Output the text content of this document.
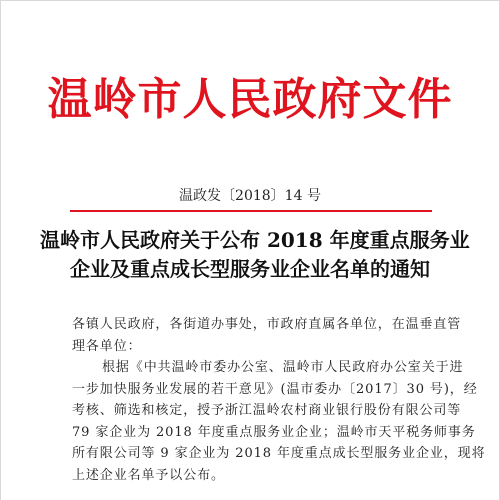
温岭市人民政府文件
温政发〔2018〕14 号
温岭市人民政府关于公布 2018 年度重点服务业
企业及重点成长型服务业企业名单的通知
各镇人民政府，各街道办事处，市政府直属各单位，在温垂直管
理各单位：
根据《中共温岭市委办公室、温岭市人民政府办公室关于进
一步加快服务业发展的若干意见》(温市委办〔2017〕30 号)，经
考核、筛选和核定，授予浙江温岭农村商业银行股份有限公司等
79 家企业为 2018 年度重点服务业企业；温岭市天平税务师事务
所有限公司等 9 家企业为 2018 年度重点成长型服务业企业，现将
上述企业名单予以公布。
